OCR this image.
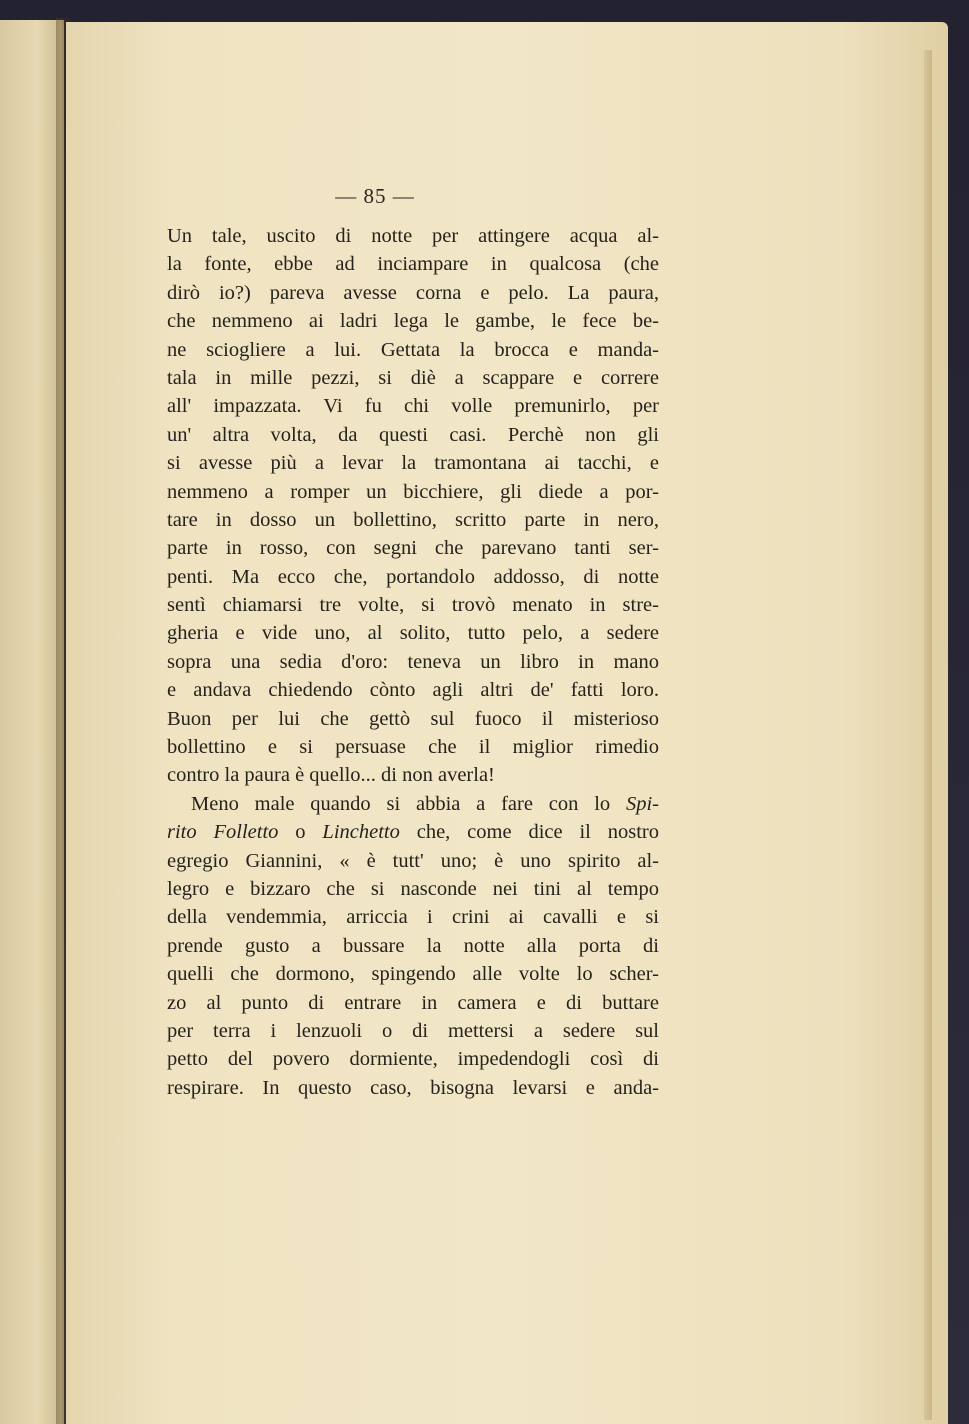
— 85 —
Un tale, uscito di notte per attingere acqua al-
la fonte, ebbe ad inciampare in qualcosa (che
dirò io?) pareva avesse corna e pelo. La paura,
che nemmeno ai ladri lega le gambe, le fece be-
ne sciogliere a lui. Gettata la brocca e manda-
tala in mille pezzi, si diè a scappare e correre
all' impazzata. Vi fu chi volle premunirlo, per
un' altra volta, da questi casi. Perchè non gli
si avesse più a levar la tramontana ai tacchi, e
nemmeno a romper un bicchiere, gli diede a por-
tare in dosso un bollettino, scritto parte in nero,
parte in rosso, con segni che parevano tanti ser-
penti. Ma ecco che, portandolo addosso, di notte
sentì chiamarsi tre volte, si trovò menato in stre-
gheria e vide uno, al solito, tutto pelo, a sedere
sopra una sedia d'oro: teneva un libro in mano
e andava chiedendo cònto agli altri de' fatti loro.
Buon per lui che gettò sul fuoco il misterioso
bollettino e si persuase che il miglior rimedio
contro la paura è quello... di non averla!
Meno male quando si abbia a fare con lo Spi-
rito Folletto o Linchetto che, come dice il nostro
egregio Giannini, « è tutt' uno; è uno spirito al-
legro e bizzaro che si nasconde nei tini al tempo
della vendemmia, arriccia i crini ai cavalli e si
prende gusto a bussare la notte alla porta di
quelli che dormono, spingendo alle volte lo scher-
zo al punto di entrare in camera e di buttare
per terra i lenzuoli o di mettersi a sedere sul
petto del povero dormiente, impedendogli così di
respirare. In questo caso, bisogna levarsi e anda-
